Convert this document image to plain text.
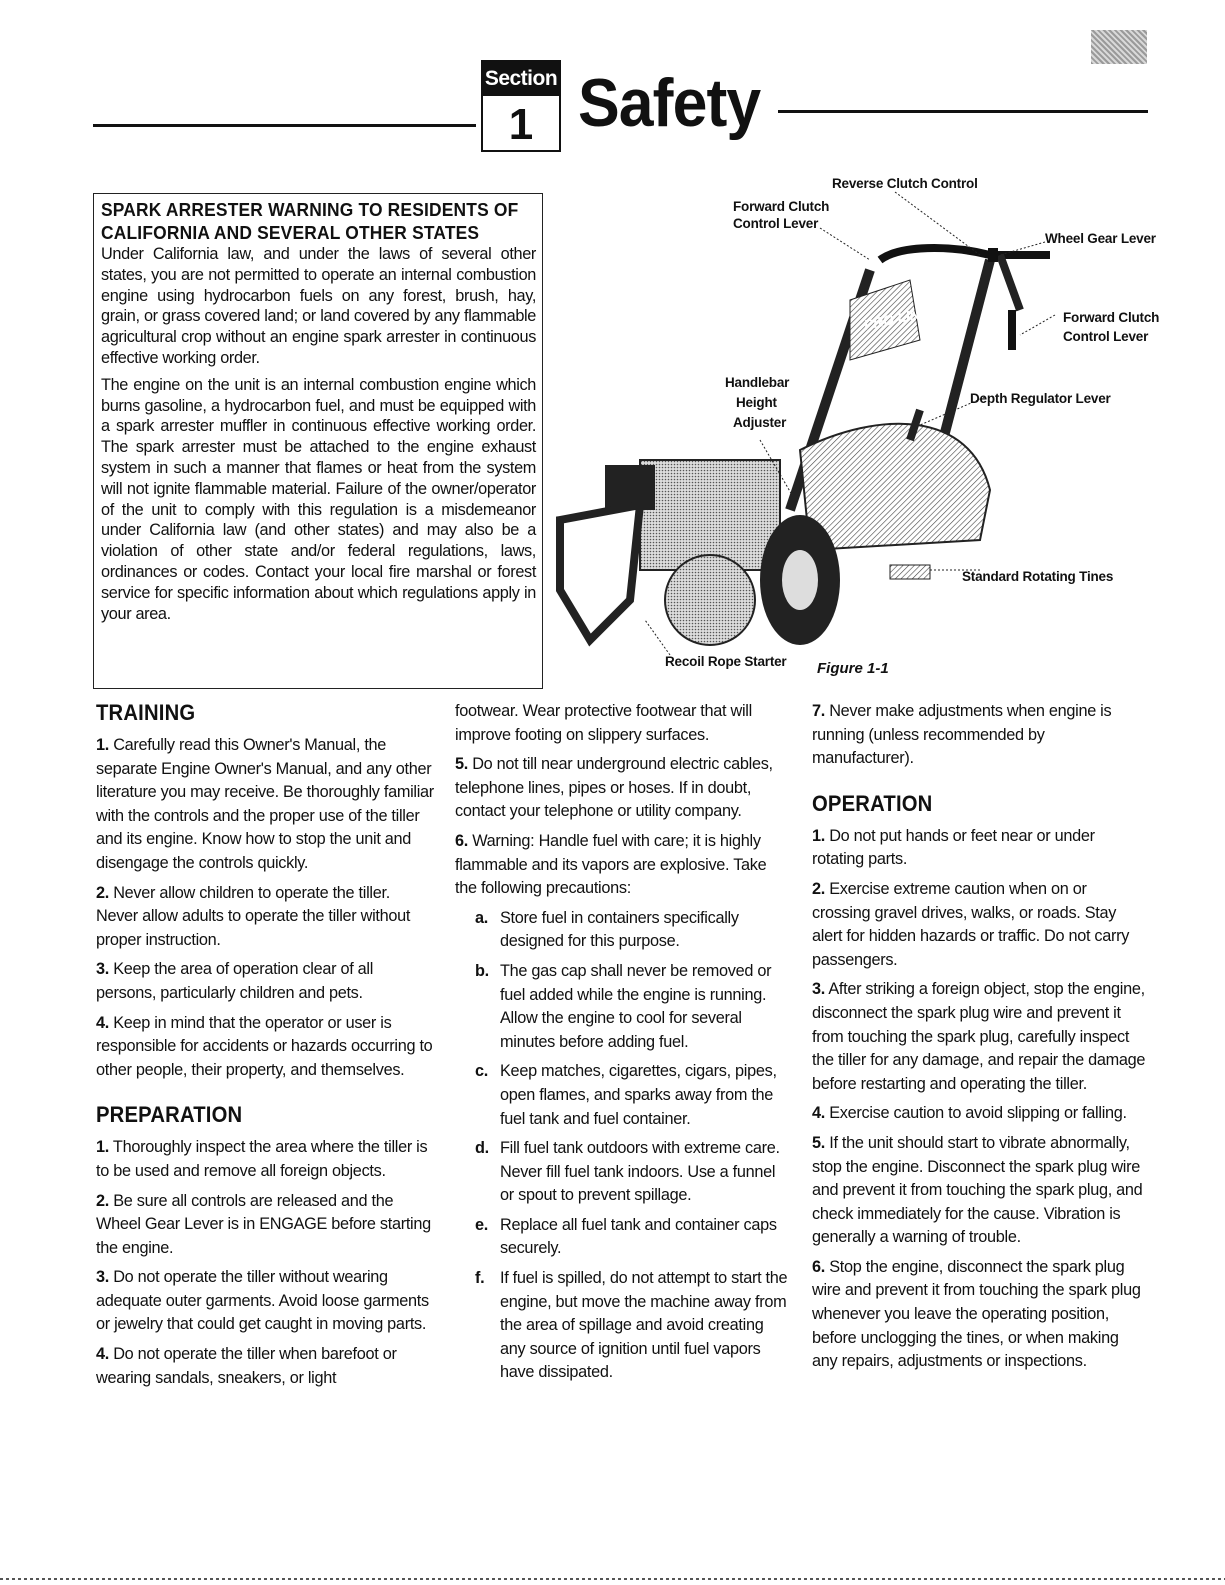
Section
1 Safety
SPARK ARRESTER WARNING TO RESIDENTS OF CALIFORNIA AND SEVERAL OTHER STATES

Under California law, and under the laws of several other states, you are not permitted to operate an internal combustion engine using hydrocarbon fuels on any forest, brush, hay, grain, or grass covered land; or land covered by any flammable agricultural crop without an engine spark arrester in continuous effective working order.

The engine on the unit is an internal combustion engine which burns gasoline, a hydrocarbon fuel, and must be equipped with a spark arrester muffler in continuous effective working order. The spark arrester must be attached to the engine exhaust system in such a manner that flames or heat from the system will not ignite flammable material. Failure of the owner/operator of the unit to comply with this regulation is a misdemeanor under California law (and other states) and may also be a violation of other state and/or federal regulations, laws, ordinances or codes. Contact your local fire marshal or forest service for specific information about which regulations apply in your area.

PRO LINE
Reverse Clutch Control
Forward Clutch
Control Lever
Wheel Gear Lever
Forward Clutch
Control Lever
Handlebar
Height
Adjuster
Depth Regulator Lever
Standard Rotating Tines
Recoil Rope Starter Figure 1-1
TRAINING

1. Carefully read this Owner's Manual, the separate Engine Owner's Manual, and any other literature you may receive. Be thoroughly familiar with the controls and the proper use of the tiller and its engine. Know how to stop the unit and disengage the controls quickly.

2. Never allow children to operate the tiller. Never allow adults to operate the tiller without proper instruction.

3. Keep the area of operation clear of all persons, particularly children and pets.

4. Keep in mind that the operator or user is responsible for accidents or hazards occurring to other people, their property, and themselves.

PREPARATION

1. Thoroughly inspect the area where the tiller is to be used and remove all foreign objects.

2. Be sure all controls are released and the Wheel Gear Lever is in ENGAGE before starting the engine.

3. Do not operate the tiller without wearing adequate outer garments. Avoid loose garments or jewelry that could get caught in moving parts.

4. Do not operate the tiller when barefoot or wearing sandals, sneakers, or light

footwear. Wear protective footwear that will improve footing on slippery surfaces.

5. Do not till near underground electric cables, telephone lines, pipes or hoses. If in doubt, contact your telephone or utility company.

6. Warning: Handle fuel with care; it is highly flammable and its vapors are explosive. Take the following precautions:

a. Store fuel in containers specifically designed for this purpose.
b. The gas cap shall never be removed or fuel added while the engine is running. Allow the engine to cool for several minutes before adding fuel.
c. Keep matches, cigarettes, cigars, pipes, open flames, and sparks away from the fuel tank and fuel container.
d. Fill fuel tank outdoors with extreme care. Never fill fuel tank indoors. Use a funnel or spout to prevent spillage.
e. Replace all fuel tank and container caps securely.
f. If fuel is spilled, do not attempt to start the engine, but move the machine away from the area of spillage and avoid creating any source of ignition until fuel vapors have dissipated.

7. Never make adjustments when engine is running (unless recommended by manufacturer).

OPERATION

1. Do not put hands or feet near or under rotating parts.

2. Exercise extreme caution when on or crossing gravel drives, walks, or roads. Stay alert for hidden hazards or traffic. Do not carry passengers.

3. After striking a foreign object, stop the engine, disconnect the spark plug wire and prevent it from touching the spark plug, carefully inspect the tiller for any damage, and repair the damage before restarting and operating the tiller.

4. Exercise caution to avoid slipping or falling.

5. If the unit should start to vibrate abnormally, stop the engine. Disconnect the spark plug wire and prevent it from touching the spark plug, and check immediately for the cause. Vibration is generally a warning of trouble.

6. Stop the engine, disconnect the spark plug wire and prevent it from touching the spark plug whenever you leave the operating position, before unclogging the tines, or when making any repairs, adjustments or inspections.
